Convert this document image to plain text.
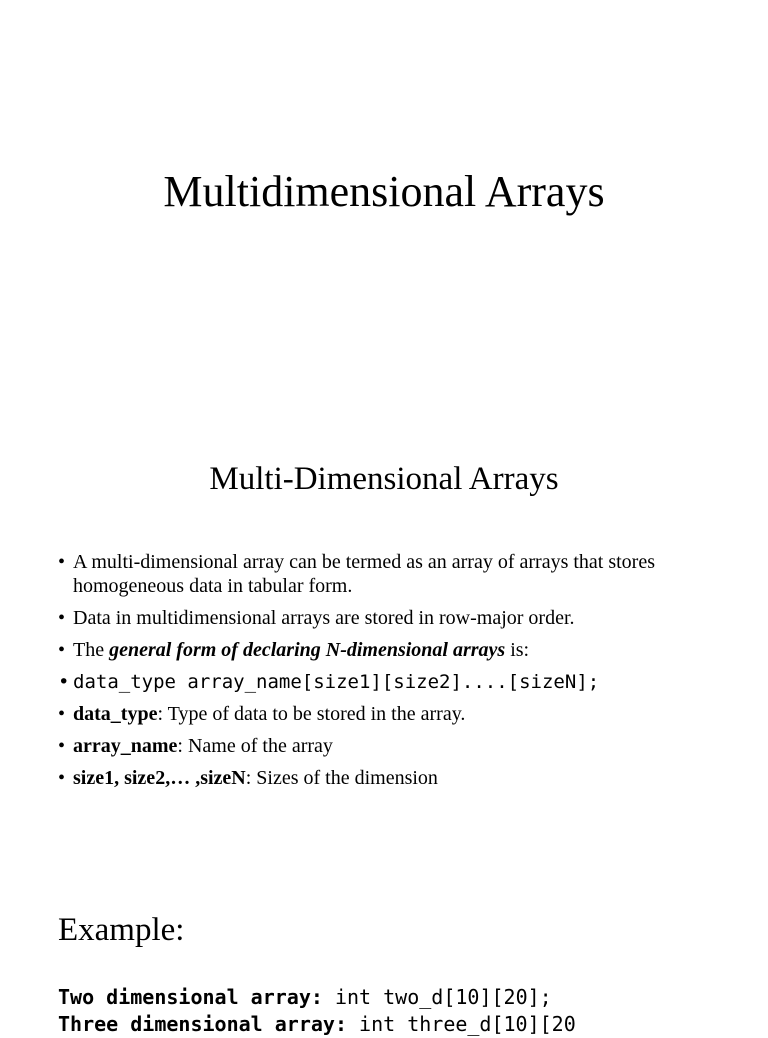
Multidimensional Arrays
Multi-Dimensional Arrays
• A multi-dimensional array can be termed as an array of arrays that stores homogeneous data in tabular form.
• Data in multidimensional arrays are stored in row-major order.
• The general form of declaring N-dimensional arrays is:
• data_type array_name[size1][size2]....[sizeN];
• data_type: Type of data to be stored in the array.
• array_name: Name of the array
• size1, size2,… ,sizeN: Sizes of the dimension
Example:
Two dimensional array: int two_d[10][20];
Three dimensional array: int three_d[10][20
